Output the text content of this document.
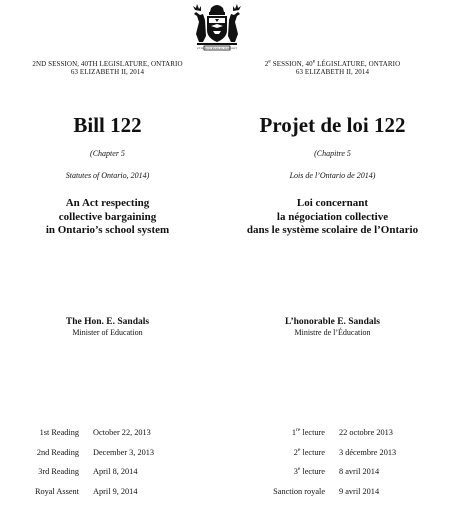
UT INCEPIT FIDELIS SIC PERMANET
2ND SESSION, 40TH LEGISLATURE, ONTARIO
63 ELIZABETH II, 2014
Bill 122
(Chapter 5
Statutes of Ontario, 2014)
An Act respecting
collective bargaining
in Ontario’s school system
2e SESSION, 40e LÉGISLATURE, ONTARIO
63 ELIZABETH II, 2014
Projet de loi 122
(Chapitre 5
Lois de l’Ontario de 2014)
Loi concernant
la négociation collective
dans le système scolaire de l’Ontario
The Hon. E. Sandals
Minister of Education
L’honorable E. Sandals
Ministre de l’Éducation
1st Reading	October 22, 2013
2nd Reading	December 3, 2013
3rd Reading	April 8, 2014
Royal Assent	April 9, 2014
1re lecture	22 octobre 2013
2e lecture	3 décembre 2013
3e lecture	8 avril 2014
Sanction royale	9 avril 2014
